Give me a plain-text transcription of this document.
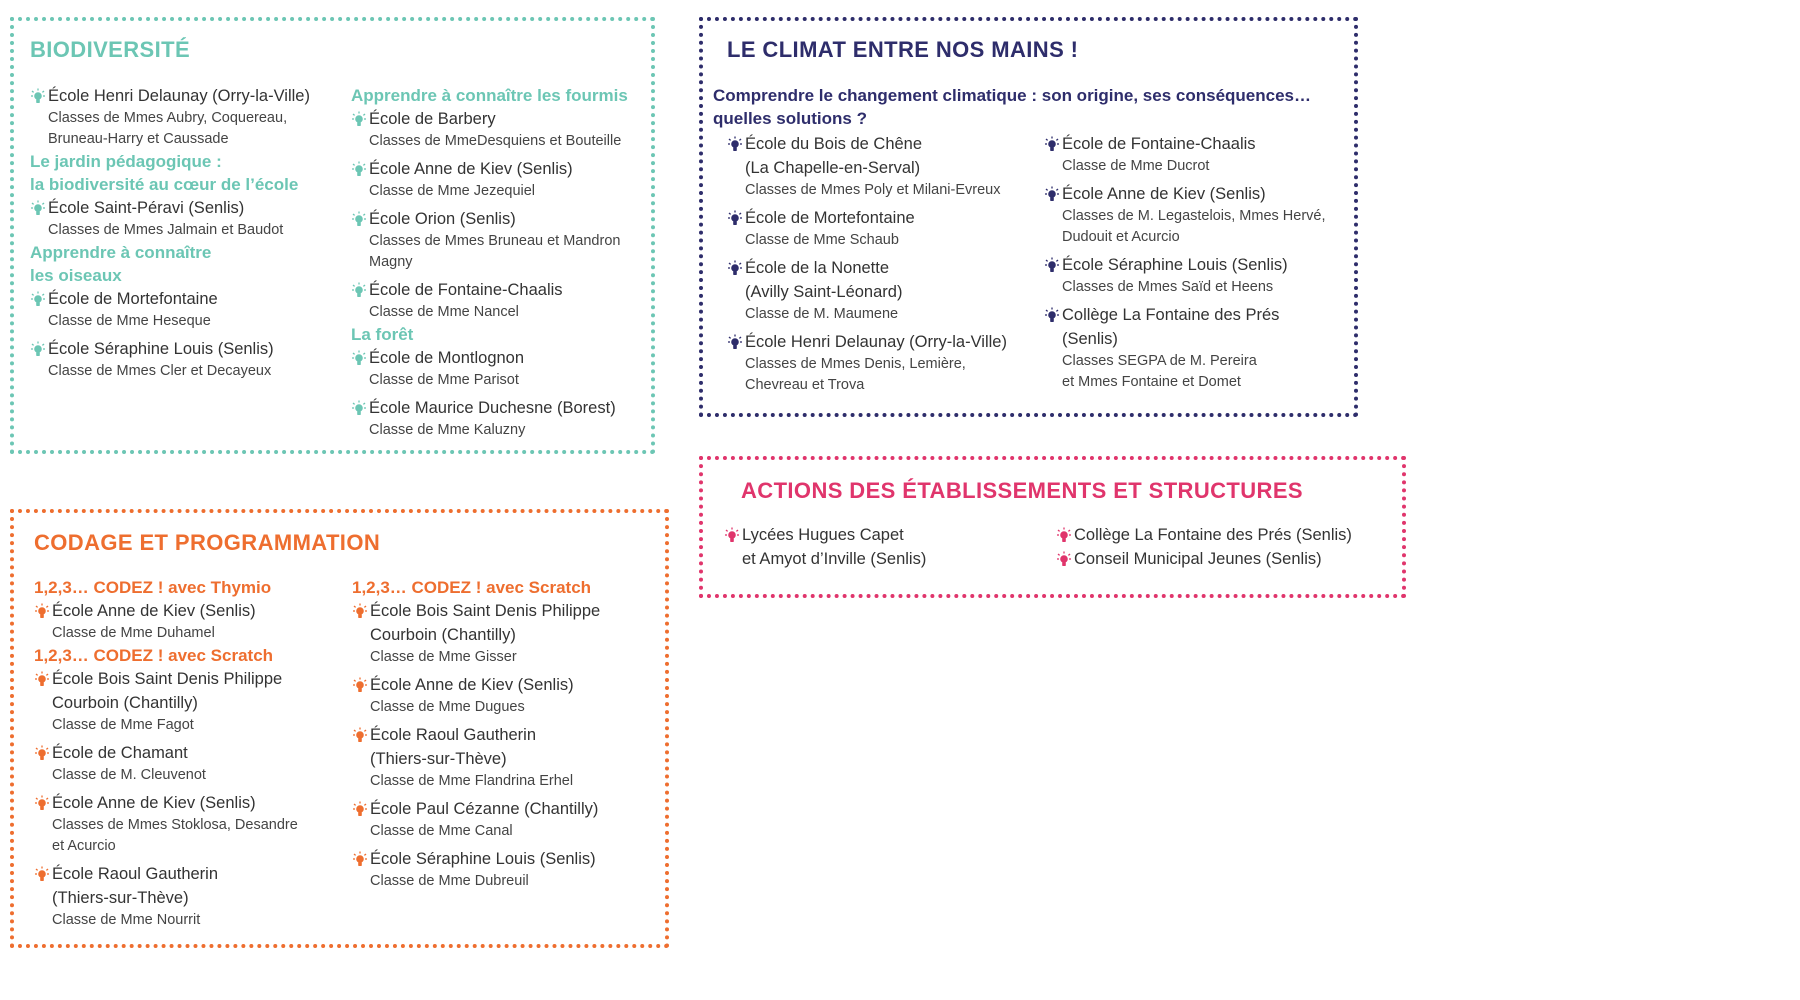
BIODIVERSITÉ
École Henri Delaunay (Orry-la-Ville)
Classes de Mmes Aubry, Coquereau,
Bruneau-Harry et Caussade

Le jardin pédagogique :
la biodiversité au cœur de l’école

École Saint-Péravi (Senlis)
Classes de Mmes Jalmain et Baudot

Apprendre à connaître
les oiseaux

École de Mortefontaine
Classe de Mme Heseque
École Séraphine Louis (Senlis)
Classe de Mmes Cler et Decayeux

Apprendre à connaître les fourmis

École de Barbery
Classes de MmeDesquiens et Bouteille
École Anne de Kiev (Senlis)
Classe de Mme Jezequiel
École Orion (Senlis)
Classes de Mmes Bruneau et Mandron
Magny
École de Fontaine-Chaalis
Classe de Mme Nancel

La forêt

École de Montlognon
Classe de Mme Parisot
École Maurice Duchesne (Borest)
Classe de Mme Kaluzny
LE CLIMAT ENTRE NOS MAINS !

Comprendre le changement climatique : son origine, ses conséquences…
quelles solutions ?

École du Bois de Chêne
(La Chapelle-en-Serval)
Classes de Mmes Poly et Milani-Evreux
École de Mortefontaine
Classe de Mme Schaub
École de la Nonette
(Avilly Saint-Léonard)
Classe de M. Maumene
École Henri Delaunay (Orry-la-Ville)
Classes de Mmes Denis, Lemière,
Chevreau et Trova
École de Fontaine-Chaalis
Classe de Mme Ducrot
École Anne de Kiev (Senlis)
Classes de M. Legastelois, Mmes Hervé,
Dudouit et Acurcio
École Séraphine Louis (Senlis)
Classes de Mmes Saïd et Heens
Collège La Fontaine des Prés
(Senlis)
Classes SEGPA de M. Pereira
et Mmes Fontaine et Domet
ACTIONS DES ÉTABLISSEMENTS ET STRUCTURES
Lycées Hugues Capet
et Amyot d’Inville (Senlis)
Collège La Fontaine des Prés (Senlis)
Conseil Municipal Jeunes (Senlis)
CODAGE ET PROGRAMMATION

1,2,3… CODEZ ! avec Thymio

École Anne de Kiev (Senlis)
Classe de Mme Duhamel

1,2,3… CODEZ ! avec Scratch

École Bois Saint Denis Philippe
Courboin (Chantilly)
Classe de Mme Fagot
École de Chamant
Classe de M. Cleuvenot
École Anne de Kiev (Senlis)
Classes de Mmes Stoklosa, Desandre
et Acurcio
École Raoul Gautherin
(Thiers-sur-Thève)
Classe de Mme Nourrit

1,2,3… CODEZ ! avec Scratch

École Bois Saint Denis Philippe
Courboin (Chantilly)
Classe de Mme Gisser
École Anne de Kiev (Senlis)
Classe de Mme Dugues
École Raoul Gautherin
(Thiers-sur-Thève)
Classe de Mme Flandrina Erhel
École Paul Cézanne (Chantilly)
Classe de Mme Canal
École Séraphine Louis (Senlis)
Classe de Mme Dubreuil
